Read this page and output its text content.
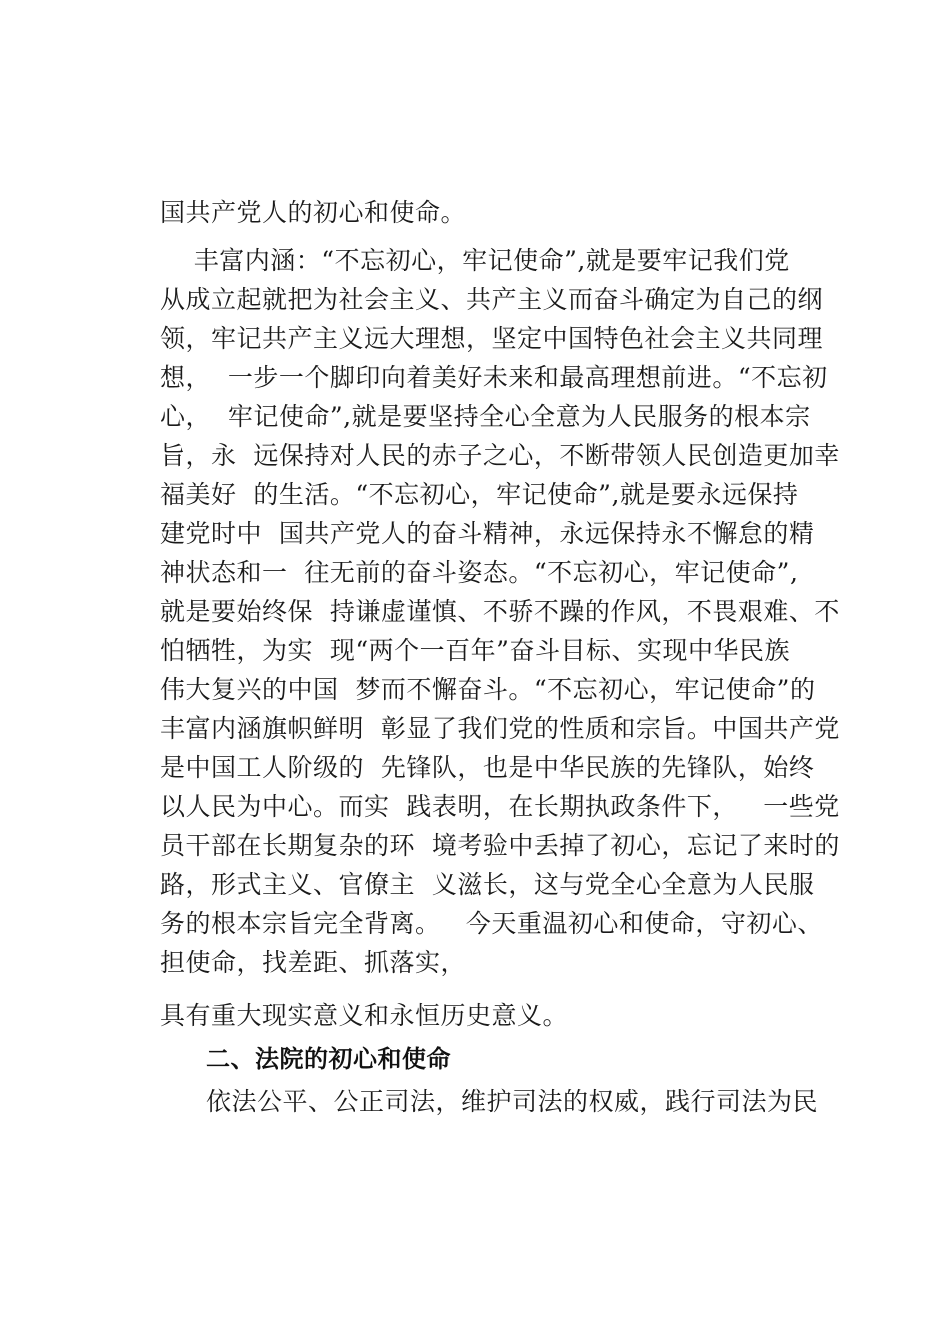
国共产党人的初心和使命。
丰富内涵：“不忘初心，牢记使命”,就是要牢记我们党
从成立起就把为社会主义、共产主义而奋斗确定为自己的纲
领，牢记共产主义远大理想，坚定中国特色社会主义共同理
想，  一步一个脚印向着美好未来和最高理想前进。“不忘初
心，  牢记使命”,就是要坚持全心全意为人民服务的根本宗
旨，永  远保持对人民的赤子之心，不断带领人民创造更加幸
福美好  的生活。“不忘初心，牢记使命”,就是要永远保持
建党时中  国共产党人的奋斗精神，永远保持永不懈怠的精
神状态和一  往无前的奋斗姿态。“不忘初心，牢记使命”,
就是要始终保  持谦虚谨慎、不骄不躁的作风，不畏艰难、不
怕牺牲，为实  现“两个一百年”奋斗目标、实现中华民族
伟大复兴的中国  梦而不懈奋斗。“不忘初心，牢记使命”的
丰富内涵旗帜鲜明  彰显了我们党的性质和宗旨。中国共产党
是中国工人阶级的  先锋队，也是中华民族的先锋队，始终
以人民为中心。而实  践表明，在长期执政条件下，   一些党
员干部在长期复杂的环  境考验中丢掉了初心，忘记了来时的
路，形式主义、官僚主  义滋长，这与党全心全意为人民服
务的根本宗旨完全背离。   今天重温初心和使命，守初心、
担使命，找差距、抓落实，
具有重大现实意义和永恒历史意义。
二、法院的初心和使命
依法公平、公正司法，维护司法的权威，践行司法为民
